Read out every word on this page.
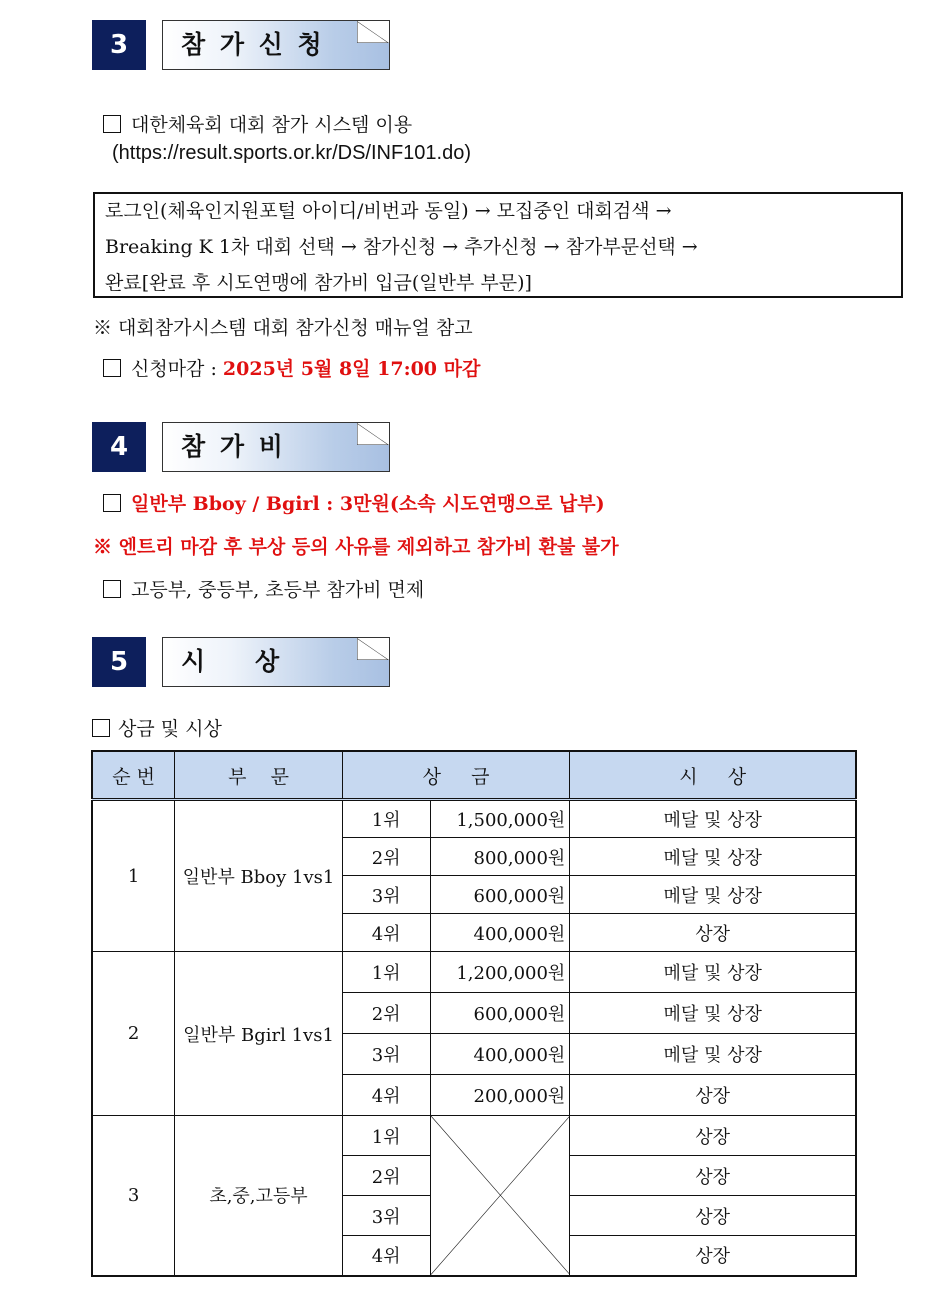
3	참 가 신 청
대한체육회 대회 참가 시스템 이용
(https://result.sports.or.kr/DS/INF101.do)
로그인(체육인지원포털 아이디/비번과 동일) → 모집중인 대회검색 →
Breaking K 1차 대회 선택 → 참가신청 → 추가신청 → 참가부문선택 →
완료[완료 후 시도연맹에 참가비 입금(일반부 부문)]
※ 대회참가시스템 대회 참가신청 매뉴얼 참고
신청마감 : 2025년 5월 8일 17:00 마감
4	참 가 비
일반부 Bboy / Bgirl : 3만원(소속 시도연맹으로 납부)
※ 엔트리 마감 후 부상 등의 사유를 제외하고 참가비 환불 불가
고등부, 중등부, 초등부 참가비 면제
5	시    상
상금 및 시상
순 번	부    문	상     금		시     상
1	일반부 Bboy 1vs1	1위	1,500,000원	메달 및 상장
		2위	800,000원	메달 및 상장
		3위	600,000원	메달 및 상장
		4위	400,000원	상장
2	일반부 Bgirl 1vs1	1위	1,200,000원	메달 및 상장
		2위	600,000원	메달 및 상장
		3위	400,000원	메달 및 상장
		4위	200,000원	상장
3	초,중,고등부	1위		상장
		2위		상장
		3위		상장
		4위		상장
